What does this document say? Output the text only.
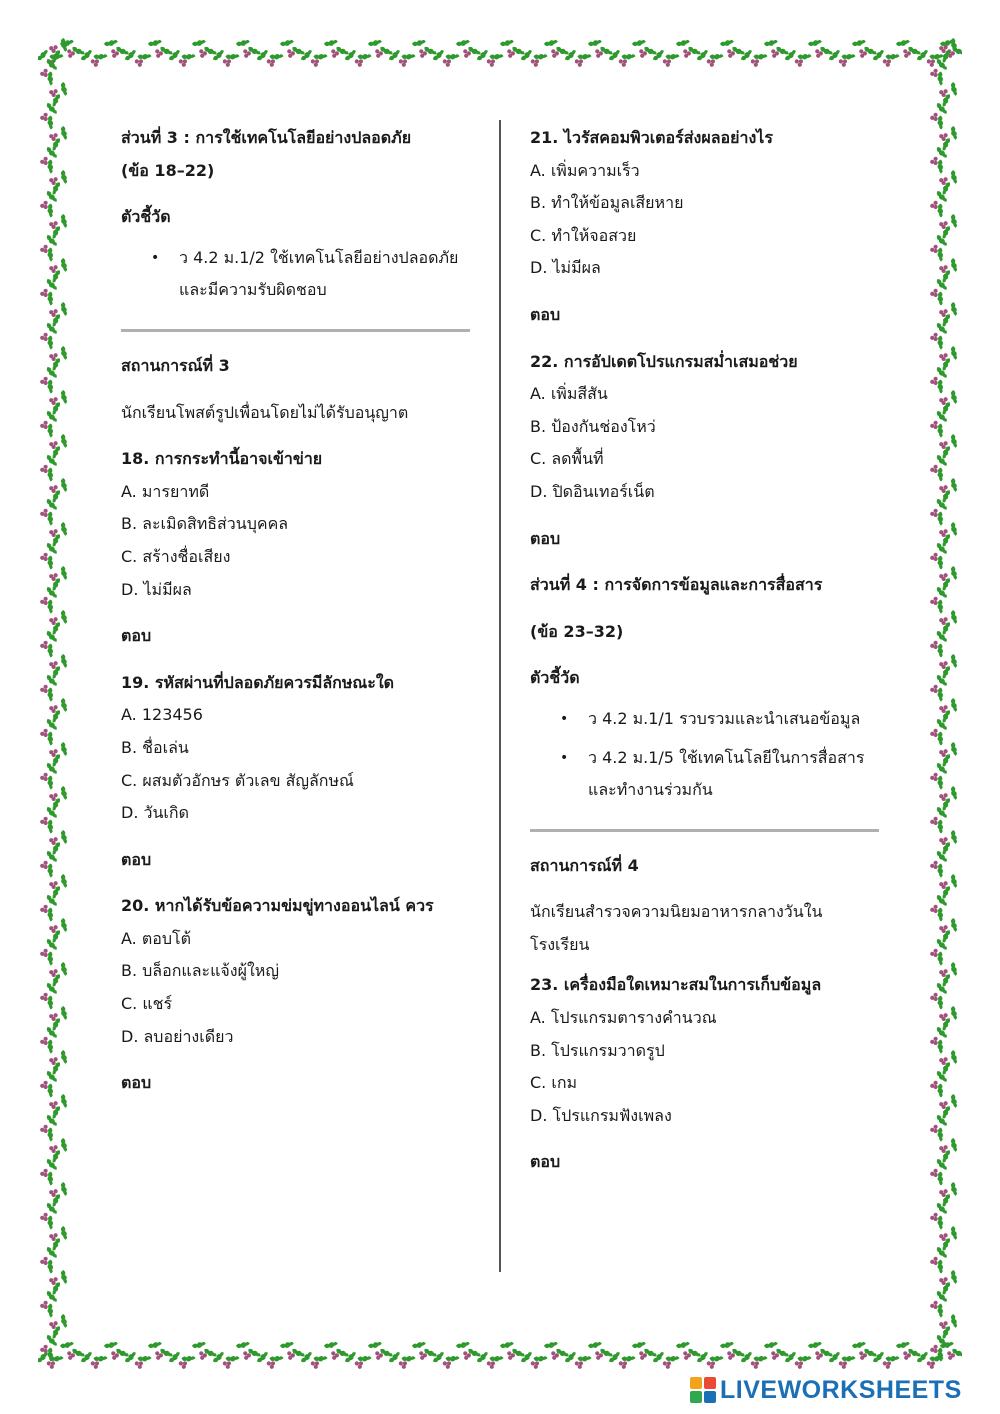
ส่วนที่ 3 : การใช้เทคโนโลยีอย่างปลอดภัย

(ข้อ 18–22)

ตัวชี้วัด

• ว 4.2 ม.1/2 ใช้เทคโนโลยีอย่างปลอดภัย
และมีความรับผิดชอบ

สถานการณ์ที่ 3

นักเรียนโพสต์รูปเพื่อนโดยไม่ได้รับอนุญาต

18. การกระทำนี้อาจเข้าข่าย

A. มารยาทดี

B. ละเมิดสิทธิส่วนบุคคล

C. สร้างชื่อเสียง

D. ไม่มีผล

ตอบ

19. รหัสผ่านที่ปลอดภัยควรมีลักษณะใด

A. 123456

B. ชื่อเล่น

C. ผสมตัวอักษร ตัวเลข สัญลักษณ์

D. วันเกิด

ตอบ

20. หากได้รับข้อความข่มขู่ทางออนไลน์ ควร

A. ตอบโต้

B. บล็อกและแจ้งผู้ใหญ่

C. แชร์

D. ลบอย่างเดียว

ตอบ

21. ไวรัสคอมพิวเตอร์ส่งผลอย่างไร

A. เพิ่มความเร็ว

B. ทำให้ข้อมูลเสียหาย

C. ทำให้จอสวย

D. ไม่มีผล

ตอบ

22. การอัปเดตโปรแกรมสม่ำเสมอช่วย

A. เพิ่มสีสัน

B. ป้องกันช่องโหว่

C. ลดพื้นที่

D. ปิดอินเทอร์เน็ต

ตอบ

ส่วนที่ 4 : การจัดการข้อมูลและการสื่อสาร

(ข้อ 23–32)

ตัวชี้วัด

• ว 4.2 ม.1/1 รวบรวมและนำเสนอข้อมูล
• ว 4.2 ม.1/5 ใช้เทคโนโลยีในการสื่อสาร
และทำงานร่วมกัน

สถานการณ์ที่ 4

นักเรียนสำรวจความนิยมอาหารกลางวันใน

โรงเรียน

23. เครื่องมือใดเหมาะสมในการเก็บข้อมูล

A. โปรแกรมตารางคำนวณ

B. โปรแกรมวาดรูป

C. เกม

D. โปรแกรมฟังเพลง

ตอบ

LIVEWORKSHEETS
